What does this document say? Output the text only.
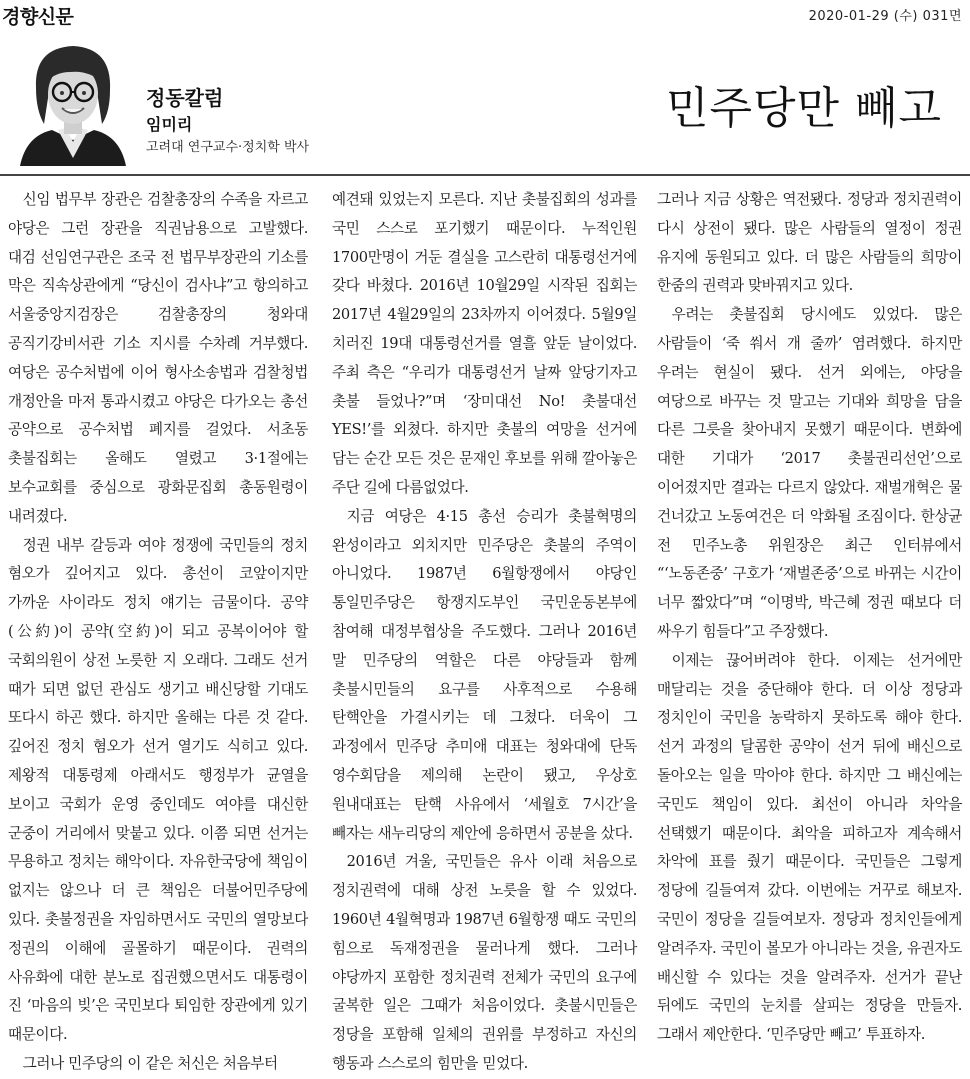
경향신문	2020-01-29 (수) 031면
정동칼럼
임미리
고려대 연구교수·정치학 박사
민주당만 빼고

신임 법무부 장관은 검찰총장의 수족을 자르고 야당은 그런 장관을 직권남용으로 고발했다. 대검 선임연구관은 조국 전 법무부장관의 기소를 막은 직속상관에게 “당신이 검사냐”고 항의하고 서울중앙지검장은 검찰총장의 청와대 공직기강비서관 기소 지시를 수차례 거부했다. 여당은 공수처법에 이어 형사소송법과 검찰청법 개정안을 마저 통과시켰고 야당은 다가오는 총선 공약으로 공수처법 폐지를 걸었다. 서초동 촛불집회는 올해도 열렸고 3·1절에는 보수교회를 중심으로 광화문집회 총동원령이 내려졌다.

정권 내부 갈등과 여야 정쟁에 국민들의 정치 혐오가 깊어지고 있다. 총선이 코앞이지만 가까운 사이라도 정치 얘기는 금물이다. 공약(公約)이 공약(空約)이 되고 공복이어야 할 국회의원이 상전 노릇한 지 오래다. 그래도 선거 때가 되면 없던 관심도 생기고 배신당할 기대도 또다시 하곤 했다. 하지만 올해는 다른 것 같다. 깊어진 정치 혐오가 선거 열기도 식히고 있다. 제왕적 대통령제 아래서도 행정부가 균열을 보이고 국회가 운영 중인데도 여야를 대신한 군중이 거리에서 맞붙고 있다. 이쯤 되면 선거는 무용하고 정치는 해악이다. 자유한국당에 책임이 없지는 않으나 더 큰 책임은 더불어민주당에 있다. 촛불정권을 자임하면서도 국민의 열망보다 정권의 이해에 골몰하기 때문이다. 권력의 사유화에 대한 분노로 집권했으면서도 대통령이 진 ‘마음의 빚’은 국민보다 퇴임한 장관에게 있기 때문이다.

그러나 민주당의 이 같은 처신은 처음부터

예견돼 있었는지 모른다. 지난 촛불집회의 성과를 국민 스스로 포기했기 때문이다. 누적인원 1700만명이 거둔 결실을 고스란히 대통령선거에 갖다 바쳤다. 2016년 10월29일 시작된 집회는 2017년 4월29일의 23차까지 이어졌다. 5월9일 치러진 19대 대통령선거를 열흘 앞둔 날이었다. 주최 측은 “우리가 대통령선거 날짜 앞당기자고 촛불 들었나?”며 ‘장미대선 No! 촛불대선 YES!’를 외쳤다. 하지만 촛불의 여망을 선거에 담는 순간 모든 것은 문재인 후보를 위해 깔아놓은 주단 길에 다름없었다.

지금 여당은 4·15 총선 승리가 촛불혁명의 완성이라고 외치지만 민주당은 촛불의 주역이 아니었다. 1987년 6월항쟁에서 야당인 통일민주당은 항쟁지도부인 국민운동본부에 참여해 대정부협상을 주도했다. 그러나 2016년 말 민주당의 역할은 다른 야당들과 함께 촛불시민들의 요구를 사후적으로 수용해 탄핵안을 가결시키는 데 그쳤다. 더욱이 그 과정에서 민주당 추미애 대표는 청와대에 단독 영수회담을 제의해 논란이 됐고, 우상호 원내대표는 탄핵 사유에서 ‘세월호 7시간’을 빼자는 새누리당의 제안에 응하면서 공분을 샀다.

2016년 겨울, 국민들은 유사 이래 처음으로 정치권력에 대해 상전 노릇을 할 수 있었다. 1960년 4월혁명과 1987년 6월항쟁 때도 국민의 힘으로 독재정권을 물러나게 했다. 그러나 야당까지 포함한 정치권력 전체가 국민의 요구에 굴복한 일은 그때가 처음이었다. 촛불시민들은 정당을 포함해 일체의 권위를 부정하고 자신의 행동과 스스로의 힘만을 믿었다.

그러나 지금 상황은 역전됐다. 정당과 정치권력이 다시 상전이 됐다. 많은 사람들의 열정이 정권 유지에 동원되고 있다. 더 많은 사람들의 희망이 한줌의 권력과 맞바꿔지고 있다.

우려는 촛불집회 당시에도 있었다. 많은 사람들이 ‘죽 쒀서 개 줄까’ 염려했다. 하지만 우려는 현실이 됐다. 선거 외에는, 야당을 여당으로 바꾸는 것 말고는 기대와 희망을 담을 다른 그릇을 찾아내지 못했기 때문이다. 변화에 대한 기대가 ‘2017 촛불권리선언’으로 이어졌지만 결과는 다르지 않았다. 재벌개혁은 물 건너갔고 노동여건은 더 악화될 조짐이다. 한상균 전 민주노총 위원장은 최근 인터뷰에서 “‘노동존중’ 구호가 ‘재벌존중’으로 바뀌는 시간이 너무 짧았다”며 “이명박, 박근혜 정권 때보다 더 싸우기 힘들다”고 주장했다.

이제는 끊어버려야 한다. 이제는 선거에만 매달리는 것을 중단해야 한다. 더 이상 정당과 정치인이 국민을 농락하지 못하도록 해야 한다. 선거 과정의 달콤한 공약이 선거 뒤에 배신으로 돌아오는 일을 막아야 한다. 하지만 그 배신에는 국민도 책임이 있다. 최선이 아니라 차악을 선택했기 때문이다. 최악을 피하고자 계속해서 차악에 표를 줬기 때문이다. 국민들은 그렇게 정당에 길들여져 갔다. 이번에는 거꾸로 해보자. 국민이 정당을 길들여보자. 정당과 정치인들에게 알려주자. 국민이 볼모가 아니라는 것을, 유권자도 배신할 수 있다는 것을 알려주자. 선거가 끝난 뒤에도 국민의 눈치를 살피는 정당을 만들자. 그래서 제안한다. ‘민주당만 빼고’ 투표하자.
